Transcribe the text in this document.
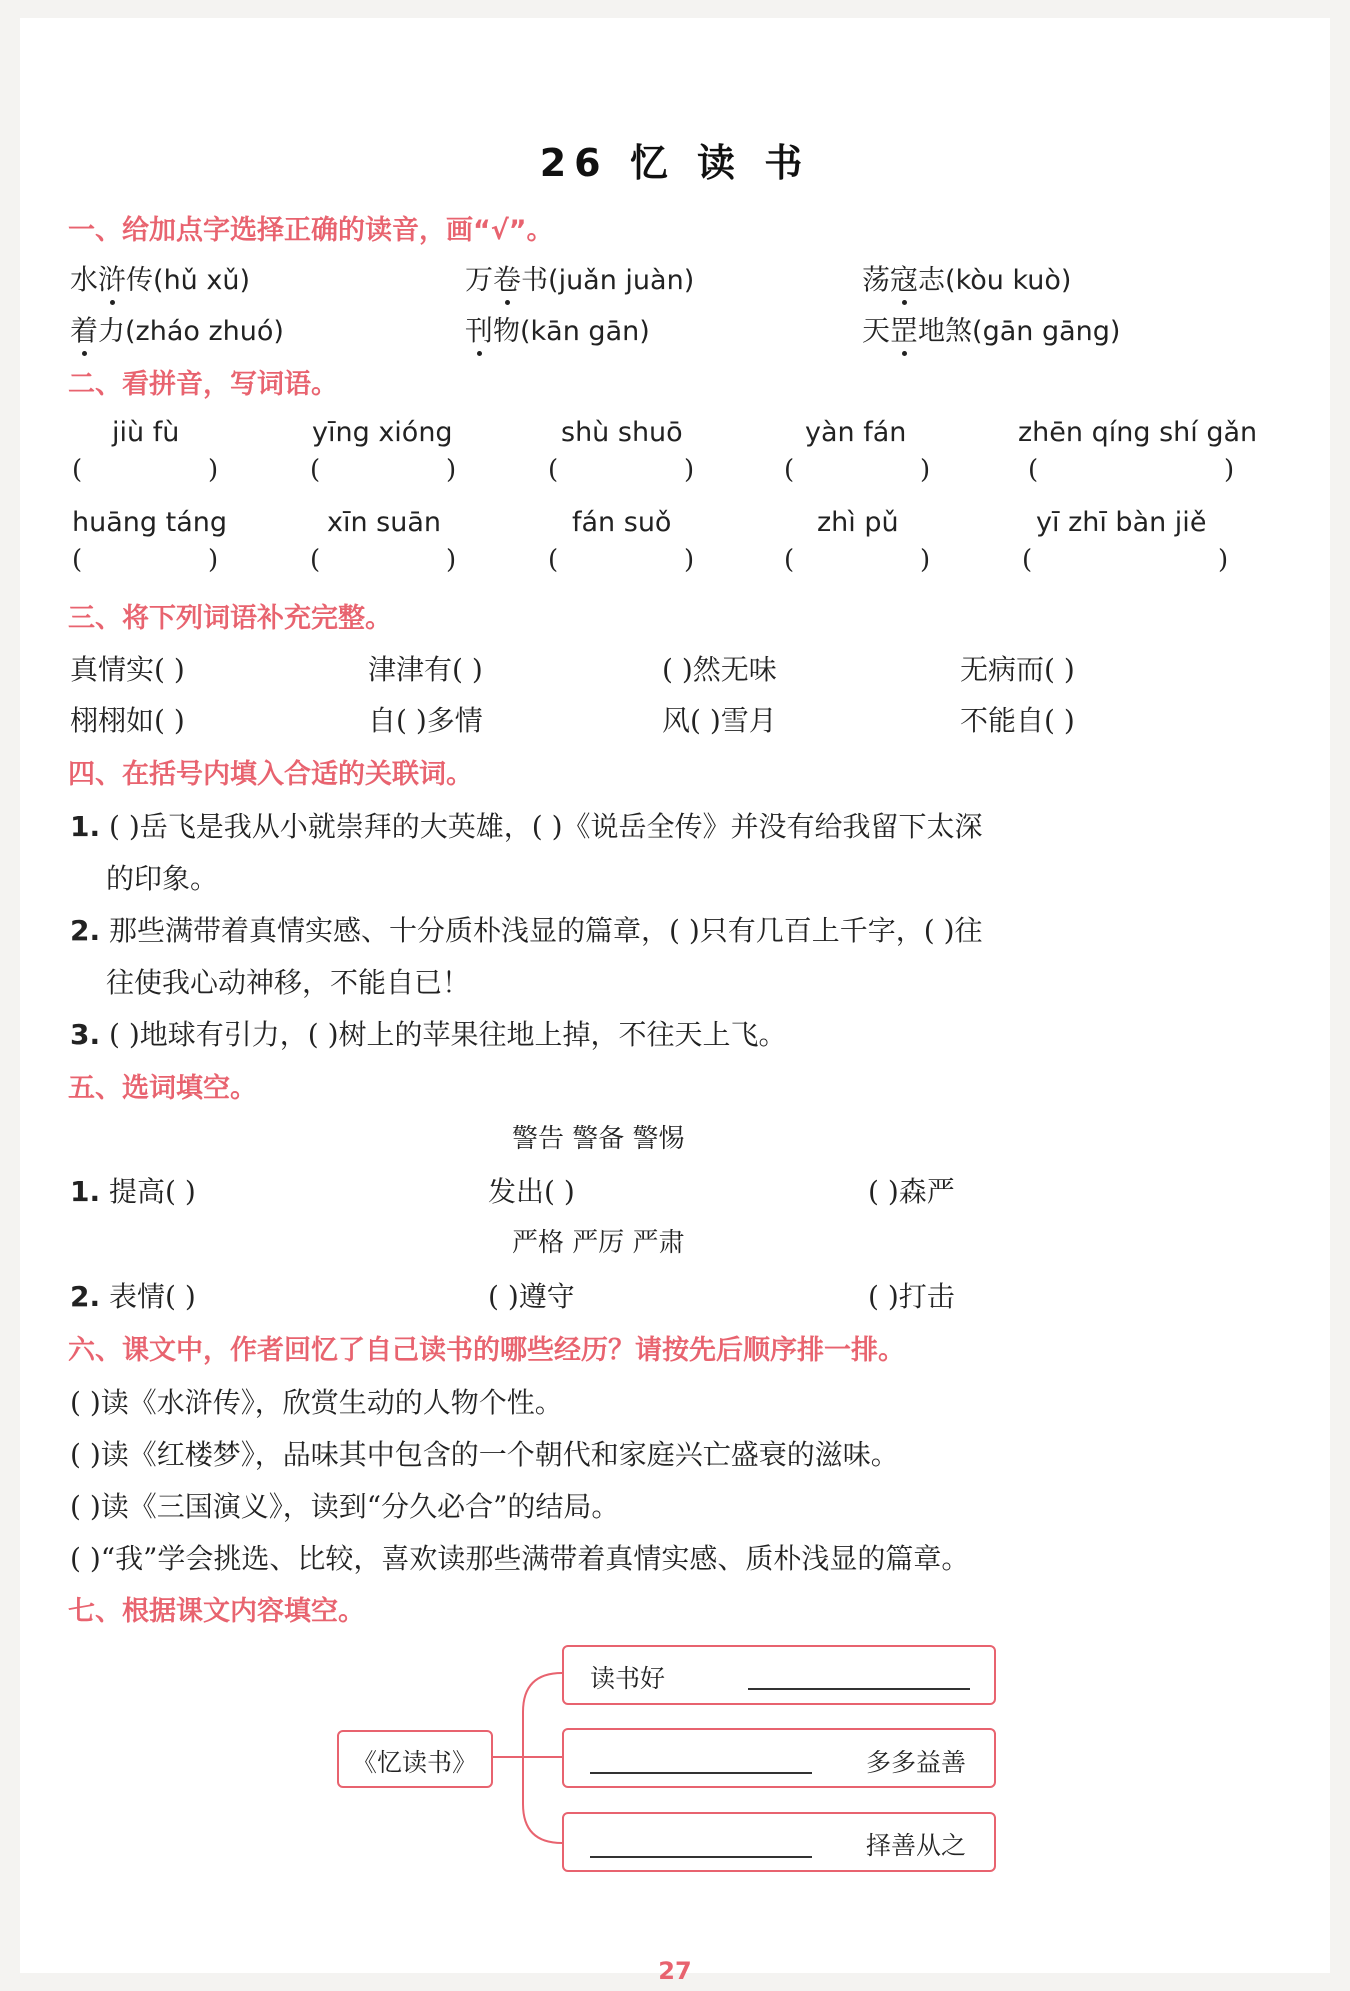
26 忆 读 书
一、给加点字选择正确的读音，画“√”。
水浒传(hǔ xǔ)	万卷书(juǎn juàn)	荡寇志(kòu kuò)
着力(zháo zhuó)	刊物(kān gān)	天罡地煞(gān gāng)
二、看拼音，写词语。
jiù fù	yīng xióng	shù shuō	yàn fán	zhēn qíng shí gǎn
(	)	(	)	(	)	(	)	(	)
huāng táng	xīn suān	fán suǒ	zhì pǔ	yī zhī bàn jiě
(	)	(	)	(	)	(	)	(	)
三、将下列词语补充完整。
真情实( )	津津有( )	( )然无味	无病而( )
栩栩如( )	自( )多情	风( )雪月	不能自( )
四、在括号内填入合适的关联词。
1. ( )岳飞是我从小就崇拜的大英雄，( )《说岳全传》并没有给我留下太深
的印象。
2. 那些满带着真情实感、十分质朴浅显的篇章，( )只有几百上千字，( )往
往使我心动神移，不能自已！
3. ( )地球有引力，( )树上的苹果往地上掉，不往天上飞。
五、选词填空。
警告 警备 警惕
1. 提高( )	发出( )	( )森严
严格 严厉 严肃
2. 表情( )	( )遵守	( )打击
六、课文中，作者回忆了自己读书的哪些经历？请按先后顺序排一排。
( )读《水浒传》，欣赏生动的人物个性。
( )读《红楼梦》，品味其中包含的一个朝代和家庭兴亡盛衰的滋味。
( )读《三国演义》，读到“分久必合”的结局。
( )“我”学会挑选、比较，喜欢读那些满带着真情实感、质朴浅显的篇章。
七、根据课文内容填空。
《忆读书》
读书好
多多益善
择善从之
27
